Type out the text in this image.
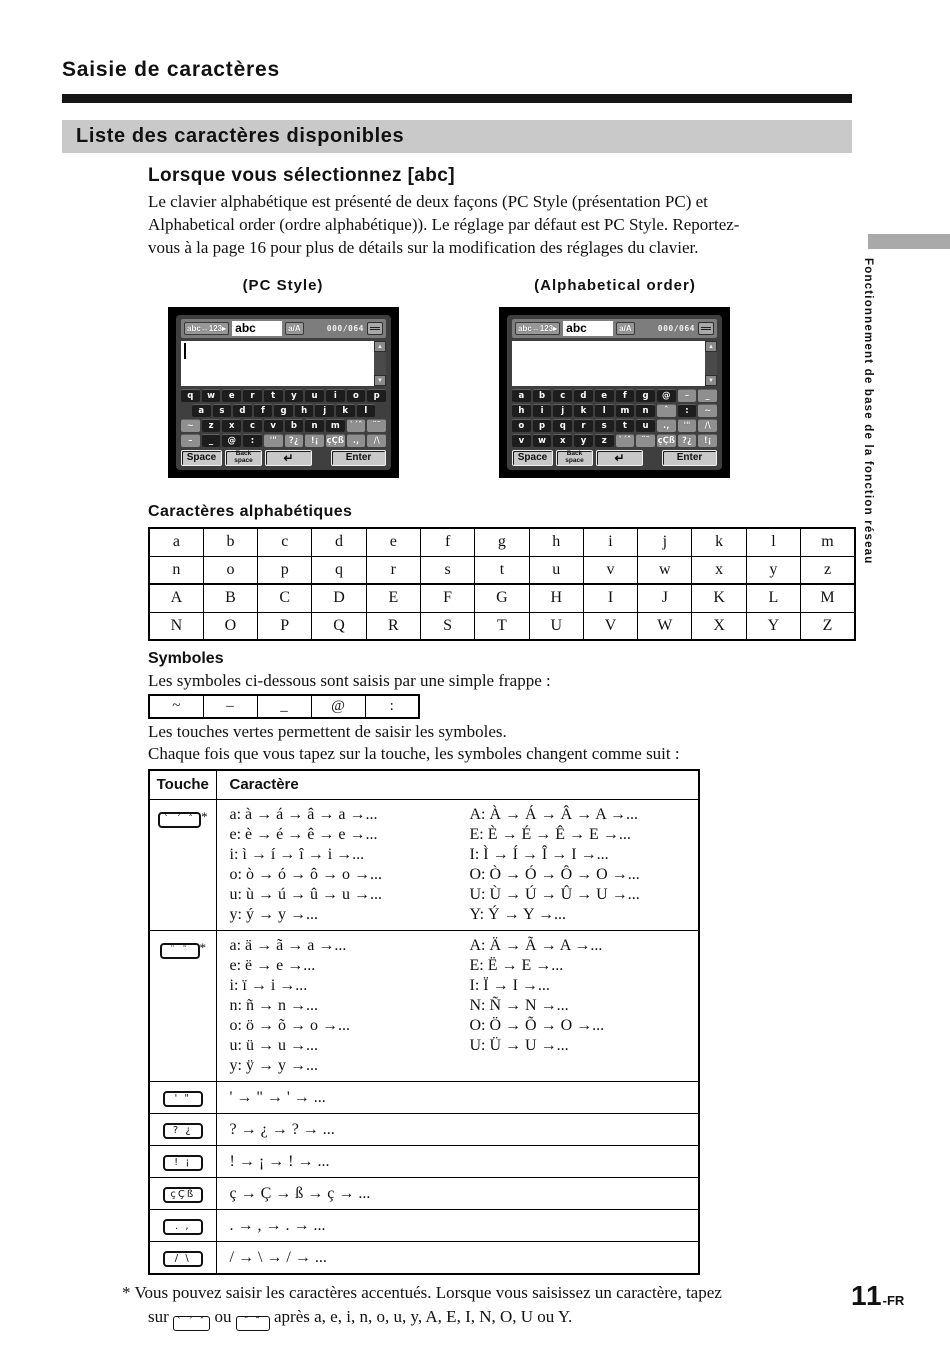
Saisie de caractères
Liste des caractères disponibles
Lorsque vous sélectionnez [abc]
Le clavier alphabétique est présenté de deux façons (PC Style (présentation PC) et
Alphabetical order (ordre alphabétique)). Le réglage par défaut est PC Style. Reportez-
vous à la page 16 pour plus de détails sur la modification des réglages du clavier.
(PC Style)	(Alphabetical order)
abc↔123▸ abc	a/A	000/064
▲
▼
q	w	e	r	t	y	u	i	o	p
a	s	d	f	g	h	j	k	l
~	z	x	c	v	b	n	m	ˋˊˆ	¨˜
–	_	@	:	'"	?¿	!¡ çÇß	.,	/\
Space	Back
space	↵	Enter
abc↔123▸ abc	a/A	000/064
▲
▼
a	b	c	d	e	f	g	@	–	_
h	i	j	k	l	m	n	ˆ	:	~
o	p	q	r	s	t	u	.,	'"	/\
v	w	x	y	z	ˋˊˆ	¨˜ çÇß ?¿	!¡
Space	Back
space	↵	Enter
Caractères alphabétiques
a	b	c	d	e	f	g	h	i	j	k	l	m
n	o	p	q	r	s	t	u	v	w	x	y	z
A	B	C	D	E	F	G	H	I	J	K	L	M
N	O	P	Q	R	S	T	U	V	W	X	Y	Z
Symboles
Les symboles ci-dessous sont saisis par une simple frappe :
~	–	_	@	:
Les touches vertes permettent de saisir les symboles.
Chaque fois que vous tapez sur la touche, les symboles changent comme suit :
Touche	Caractère
ˋ ˊ ˆ *	a: à → á → â → a →...	A: À → Á → Â → A →...
e: è → é → ê → e →...	E: È → É → Ê → E →...
i: ì → í → î → i →...	I: Ì → Í → Î → I →...
o: ò → ó → ô → o →...	O: Ò → Ó → Ô → O →...
u: ù → ú → û → u →...	U: Ù → Ú → Û → U →...
y: ý → y →...	Y: Ý → Y →...

¨ ˜ *	a: ä → ã → a →...	A: Ä → Ã → A →...
e: ë → e →...	E: Ë → E →...
i: ï → i →...	I: Ï → I →...
n: ñ → n →...	N: Ñ → N →...
o: ö → õ → o →...	O: Ö → Õ → O →...
u: ü → u →...	U: Ü → U →...
y: ÿ → y →...

' "	' → " → ' → ...

? ¿	? → ¿ → ? → ...

! ¡	! → ¡ → ! → ...

çÇß	ç → Ç → ß → ç → ...

. ,	. → , → . → ...

/ \	/ → \ → / → ...
* Vous pouvez saisir les caractères accentués. Lorsque vous saisissez un caractère, tapez
sur ˋ ˊ ˆ ou ¨ ˜ après a, e, i, n, o, u, y, A, E, I, N, O, U ou Y.
11 -FR
Fonctionnement de base de la fonction réseau
